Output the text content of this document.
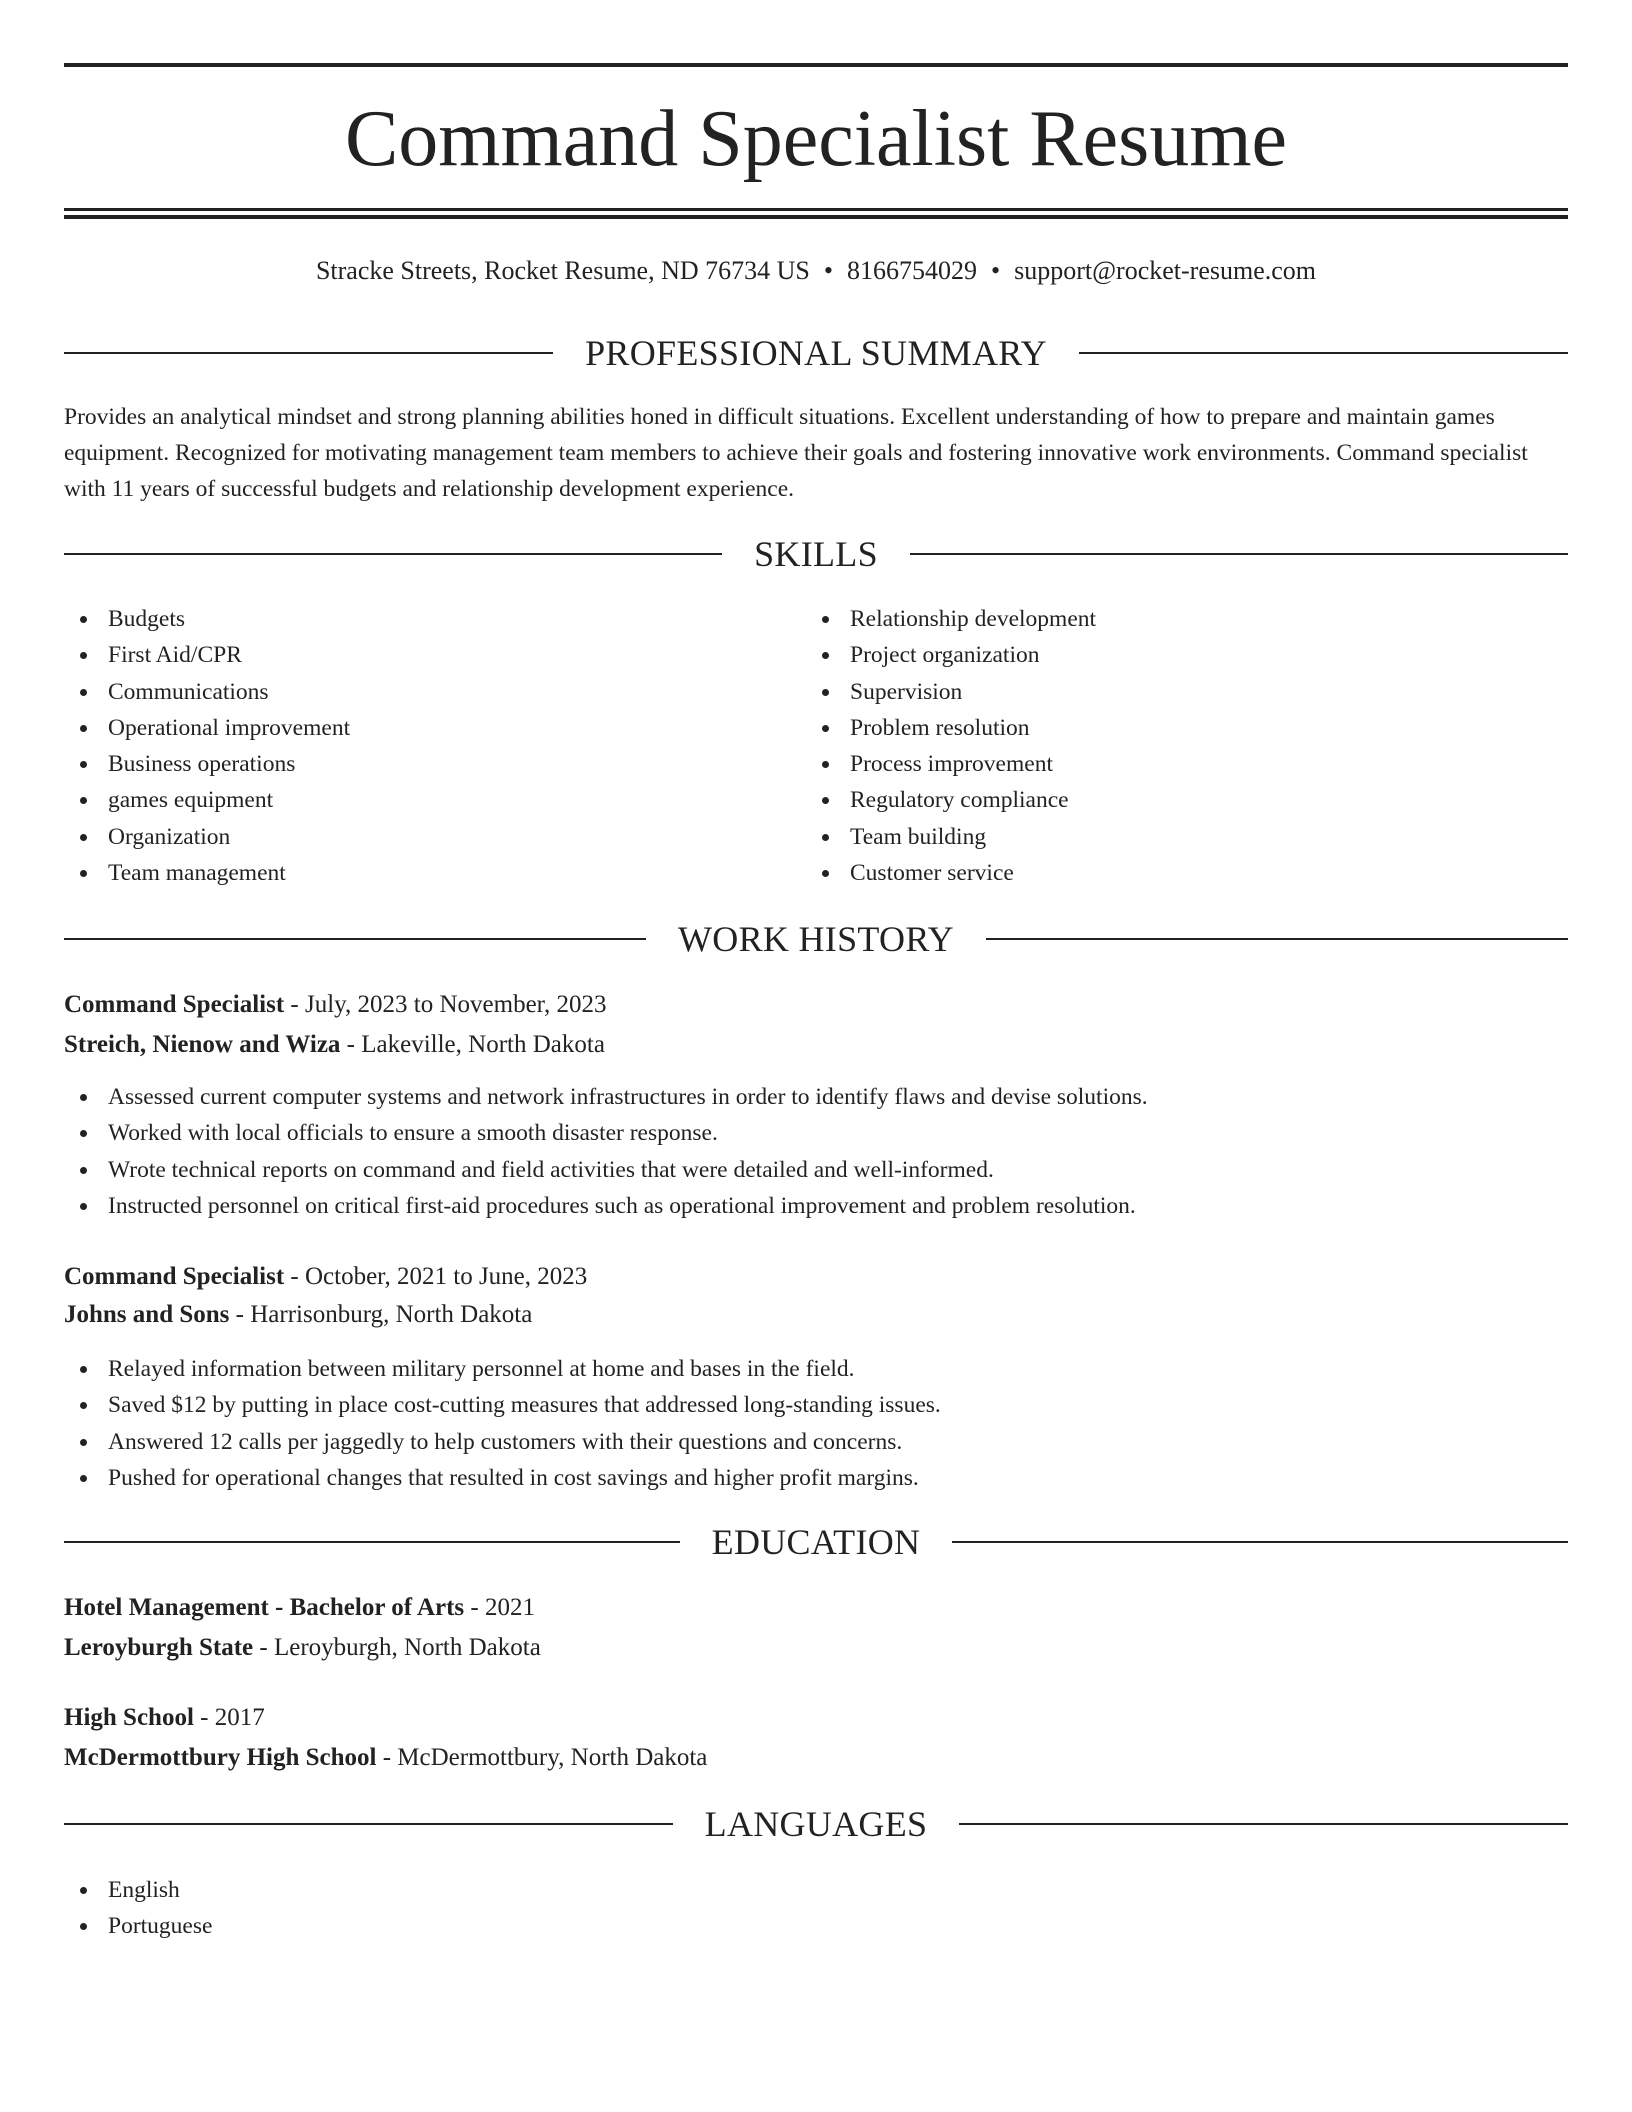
Command Specialist Resume
Stracke Streets, Rocket Resume, ND 76734 US • 8166754029 • support@rocket-resume.com
PROFESSIONAL SUMMARY

Provides an analytical mindset and strong planning abilities honed in difficult situations. Excellent understanding of how to prepare and maintain games equipment. Recognized for motivating management team members to achieve their goals and fostering innovative work environments. Command specialist with 11 years of successful budgets and relationship development experience.

SKILLS
Budgets
First Aid/CPR
Communications
Operational improvement
Business operations
games equipment
Organization
Team management
Relationship development
Project organization
Supervision
Problem resolution
Process improvement
Regulatory compliance
Team building
Customer service
WORK HISTORY
Command Specialist - July, 2023 to November, 2023
Streich, Nienow and Wiza - Lakeville, North Dakota
Assessed current computer systems and network infrastructures in order to identify flaws and devise solutions.
Worked with local officials to ensure a smooth disaster response.
Wrote technical reports on command and field activities that were detailed and well-informed.
Instructed personnel on critical first-aid procedures such as operational improvement and problem resolution.
Command Specialist - October, 2021 to June, 2023
Johns and Sons - Harrisonburg, North Dakota
Relayed information between military personnel at home and bases in the field.
Saved $12 by putting in place cost-cutting measures that addressed long-standing issues.
Answered 12 calls per jaggedly to help customers with their questions and concerns.
Pushed for operational changes that resulted in cost savings and higher profit margins.
EDUCATION
Hotel Management - Bachelor of Arts - 2021
Leroyburgh State - Leroyburgh, North Dakota
High School - 2017
McDermottbury High School - McDermottbury, North Dakota
LANGUAGES
English
Portuguese
